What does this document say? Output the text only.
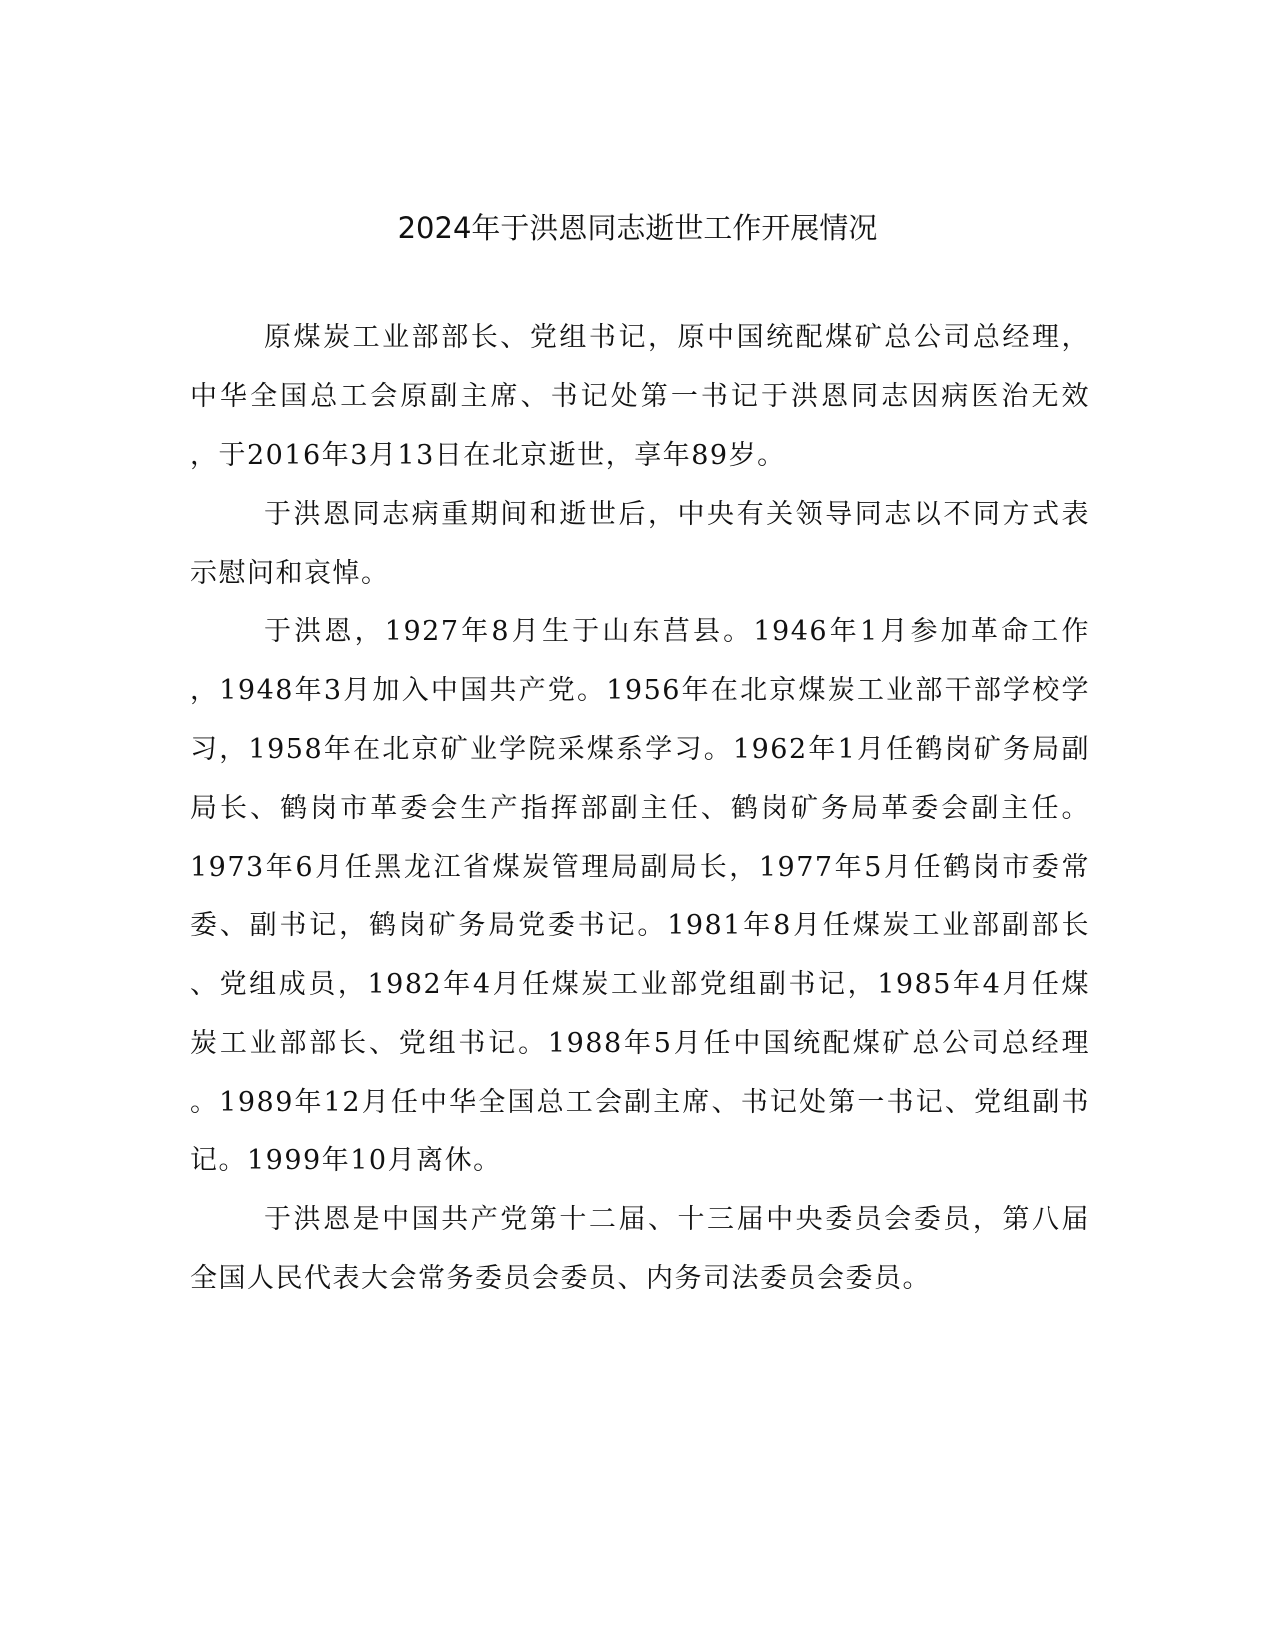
2024年于洪恩同志逝世工作开展情况
原煤炭工业部部长、党组书记，原中国统配煤矿总公司总经理，
中华全国总工会原副主席、书记处第一书记于洪恩同志因病医治无效
，于2016年3月13日在北京逝世，享年89岁。
于洪恩同志病重期间和逝世后，中央有关领导同志以不同方式表
示慰问和哀悼。
于洪恩，1927年8月生于山东莒县。1946年1月参加革命工作
，1948年3月加入中国共产党。1956年在北京煤炭工业部干部学校学
习，1958年在北京矿业学院采煤系学习。1962年1月任鹤岗矿务局副
局长、鹤岗市革委会生产指挥部副主任、鹤岗矿务局革委会副主任。
1973年6月任黑龙江省煤炭管理局副局长，1977年5月任鹤岗市委常
委、副书记，鹤岗矿务局党委书记。1981年8月任煤炭工业部副部长
、党组成员，1982年4月任煤炭工业部党组副书记，1985年4月任煤
炭工业部部长、党组书记。1988年5月任中国统配煤矿总公司总经理
。1989年12月任中华全国总工会副主席、书记处第一书记、党组副书
记。1999年10月离休。
于洪恩是中国共产党第十二届、十三届中央委员会委员，第八届
全国人民代表大会常务委员会委员、内务司法委员会委员。
